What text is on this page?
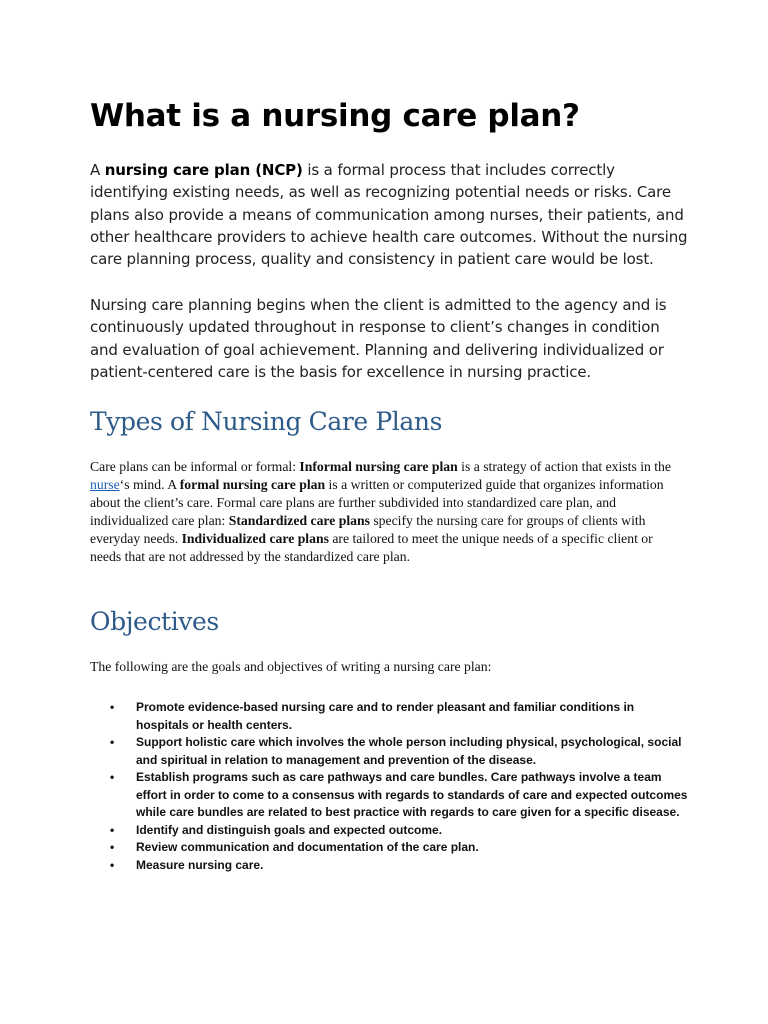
What is a nursing care plan?

A nursing care plan (NCP) is a formal process that includes correctly identifying existing needs, as well as recognizing potential needs or risks. Care plans also provide a means of communication among nurses, their patients, and other healthcare providers to achieve health care outcomes. Without the nursing care planning process, quality and consistency in patient care would be lost.

Nursing care planning begins when the client is admitted to the agency and is continuously updated throughout in response to client’s changes in condition and evaluation of goal achievement. Planning and delivering individualized or patient-centered care is the basis for excellence in nursing practice.

Types of Nursing Care Plans

Care plans can be informal or formal: Informal nursing care plan is a strategy of action that exists in the nurse‘s mind. A formal nursing care plan is a written or computerized guide that organizes information about the client’s care. Formal care plans are further subdivided into standardized care plan, and individualized care plan: Standardized care plans specify the nursing care for groups of clients with everyday needs. Individualized care plans are tailored to meet the unique needs of a specific client or needs that are not addressed by the standardized care plan.

Objectives

The following are the goals and objectives of writing a nursing care plan:

• Promote evidence-based nursing care and to render pleasant and familiar conditions in hospitals or health centers.
• Support holistic care which involves the whole person including physical, psychological, social and spiritual in relation to management and prevention of the disease.
• Establish programs such as care pathways and care bundles. Care pathways involve a team effort in order to come to a consensus with regards to standards of care and expected outcomes while care bundles are related to best practice with regards to care given for a specific disease.
• Identify and distinguish goals and expected outcome.
• Review communication and documentation of the care plan.
• Measure nursing care.
